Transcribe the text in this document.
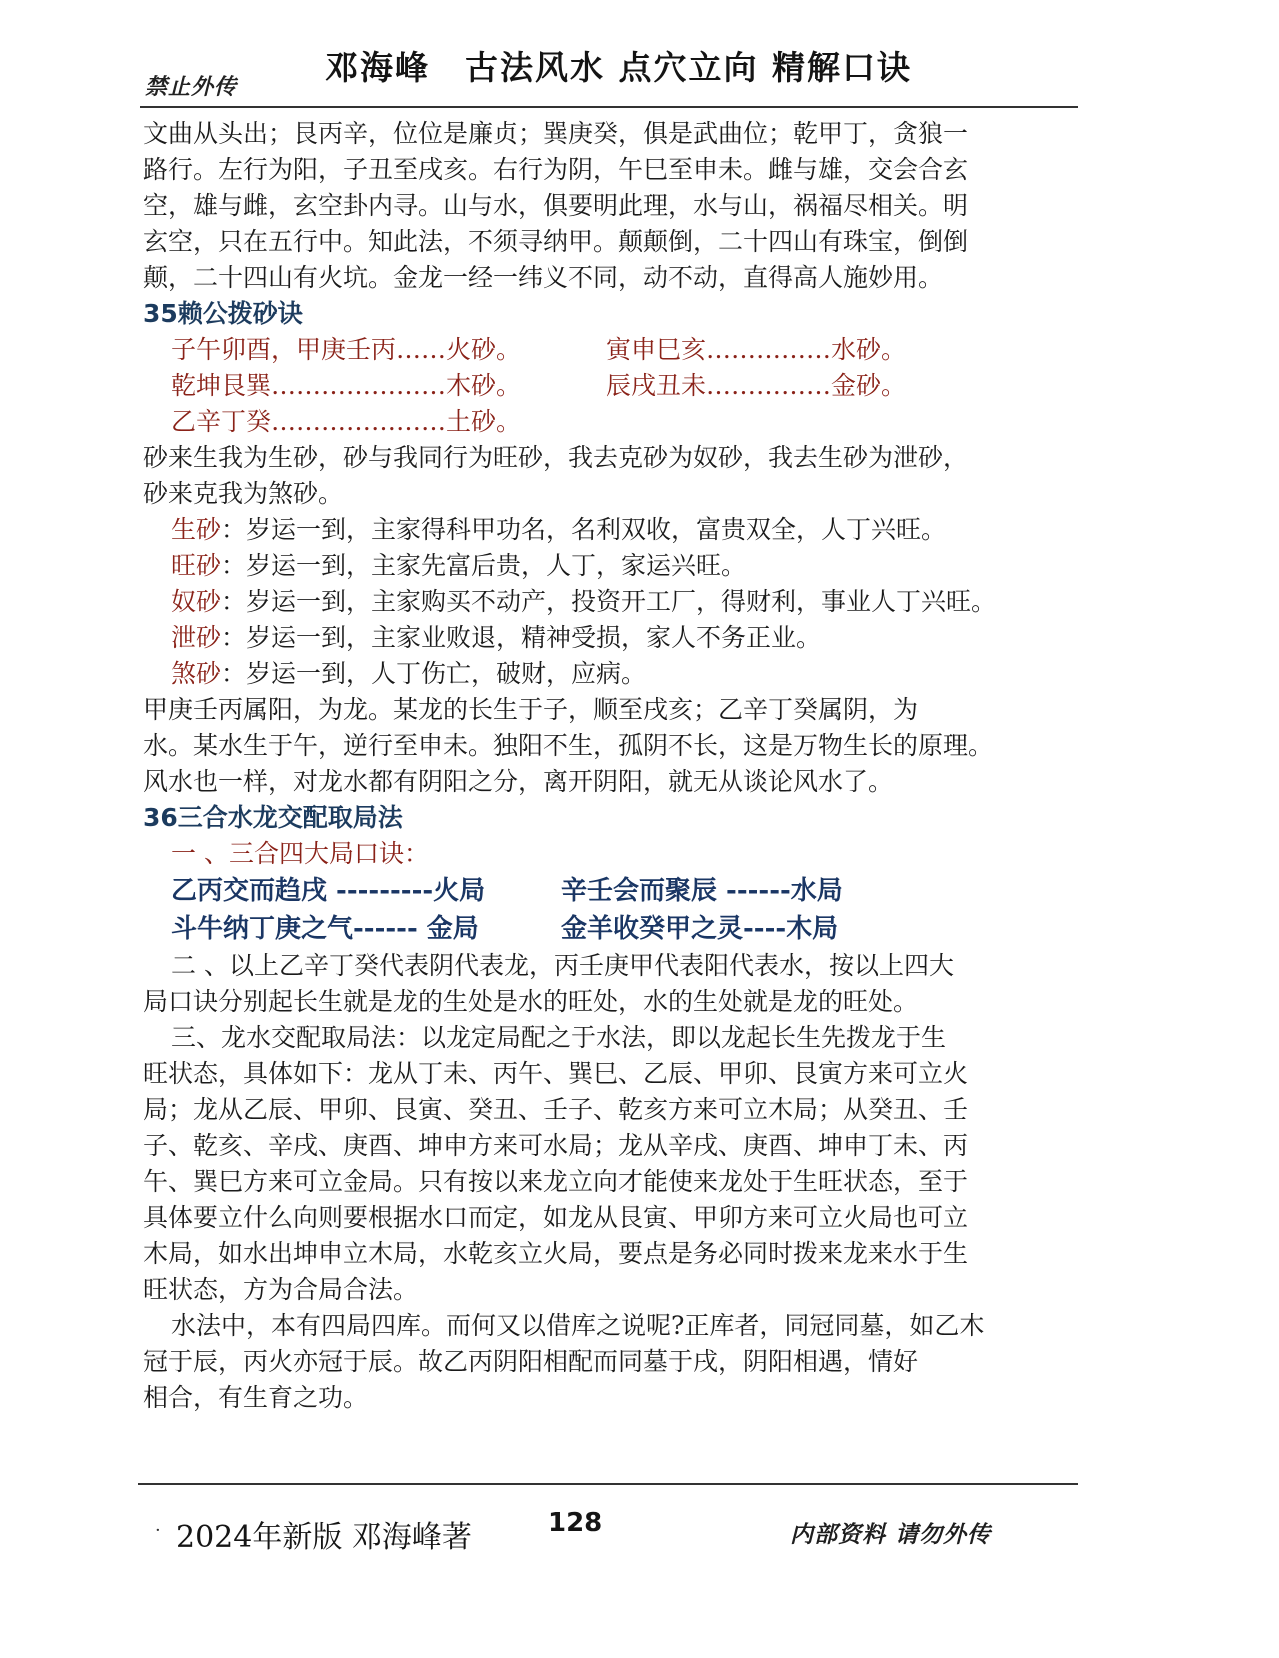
邓海峰　古法风水 点穴立向 精解口诀
禁止外传
文曲从头出；艮丙辛，位位是廉贞；巽庚癸，俱是武曲位；乾甲丁，贪狼一
路行。左行为阳，子丑至戌亥。右行为阴，午巳至申未。雌与雄，交会合玄
空，雄与雌，玄空卦内寻。山与水，俱要明此理，水与山，祸福尽相关。明
玄空，只在五行中。知此法，不须寻纳甲。颠颠倒，二十四山有珠宝，倒倒
颠，二十四山有火坑。金龙一经一纬义不同，动不动，直得高人施妙用。
35赖公拨砂诀
子午卯酉，甲庚壬丙……火砂。	寅申巳亥……………水砂。
乾坤艮巽…………………木砂。	辰戌丑未……………金砂。
乙辛丁癸…………………土砂。
砂来生我为生砂，砂与我同行为旺砂，我去克砂为奴砂，我去生砂为泄砂，
砂来克我为煞砂。
生砂：岁运一到，主家得科甲功名，名利双收，富贵双全，人丁兴旺。
旺砂：岁运一到，主家先富后贵，人丁，家运兴旺。
奴砂：岁运一到，主家购买不动产，投资开工厂，得财利，事业人丁兴旺。
泄砂：岁运一到，主家业败退，精神受损，家人不务正业。
煞砂：岁运一到，人丁伤亡，破财，应病。
甲庚壬丙属阳，为龙。某龙的长生于子，顺至戌亥；乙辛丁癸属阴，为
水。某水生于午，逆行至申未。独阳不生，孤阴不长，这是万物生长的原理。
风水也一样，对龙水都有阴阳之分，离开阴阳，就无从谈论风水了。
36三合水龙交配取局法
一 、三合四大局口诀：
乙丙交而趋戌 ---------火局	辛壬会而聚辰 ------水局
斗牛纳丁庚之气------ 金局	金羊收癸甲之灵----木局
二 、以上乙辛丁癸代表阴代表龙，丙壬庚甲代表阳代表水，按以上四大
局口诀分别起长生就是龙的生处是水的旺处，水的生处就是龙的旺处。
三、龙水交配取局法：以龙定局配之于水法，即以龙起长生先拨龙于生
旺状态，具体如下：龙从丁未、丙午、巽巳、乙辰、甲卯、艮寅方来可立火
局；龙从乙辰、甲卯、艮寅、癸丑、壬子、乾亥方来可立木局；从癸丑、壬
子、乾亥、辛戌、庚酉、坤申方来可水局；龙从辛戌、庚酉、坤申丁未、丙
午、巽巳方来可立金局。只有按以来龙立向才能使来龙处于生旺状态，至于
具体要立什么向则要根据水口而定，如龙从艮寅、甲卯方来可立火局也可立
木局，如水出坤申立木局，水乾亥立火局，要点是务必同时拨来龙来水于生
旺状态，方为合局合法。
水法中，本有四局四库。而何又以借库之说呢?正库者，同冠同墓，如乙木
冠于辰，丙火亦冠于辰。故乙丙阴阳相配而同墓于戌，阴阳相遇，情好
相合，有生育之功。
· 2024年新版 邓海峰著	128	内部资料 请勿外传
